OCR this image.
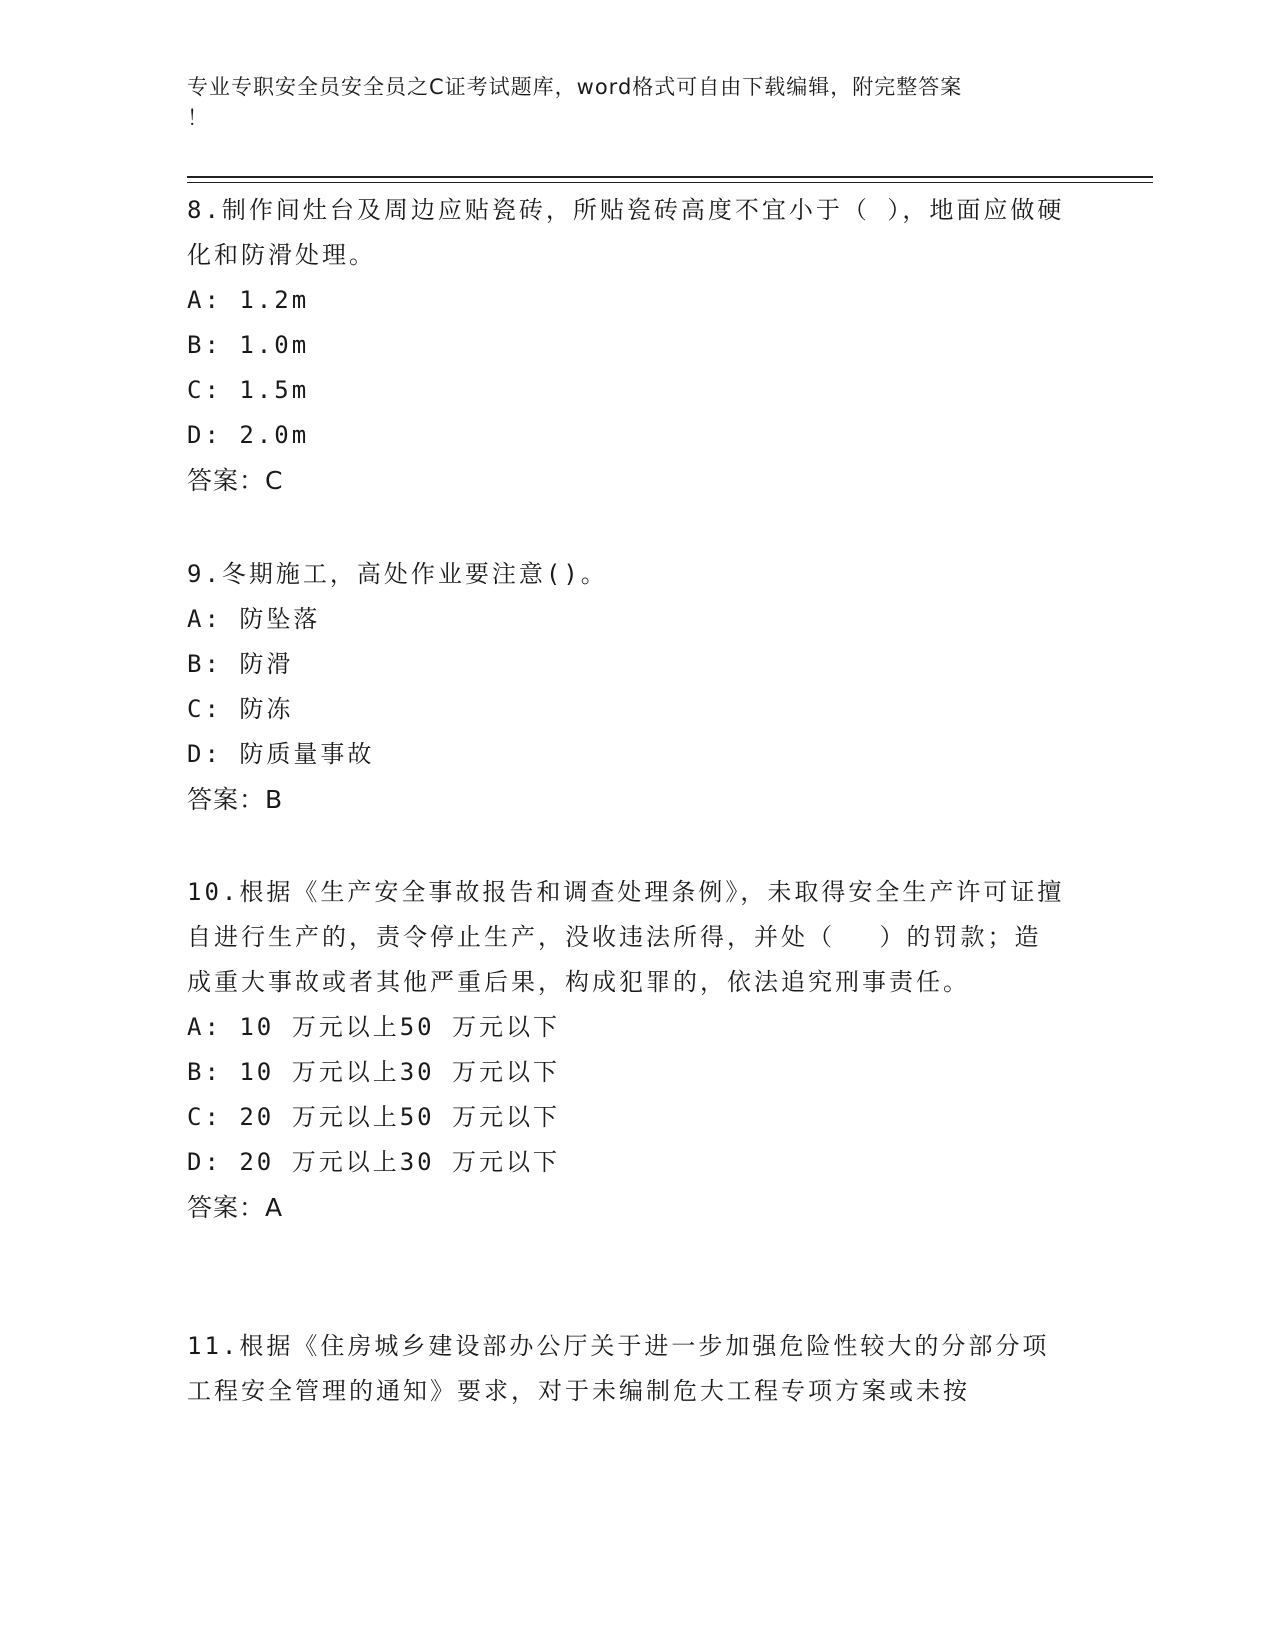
专业专职安全员安全员之C证考试题库，word格式可自由下载编辑，附完整答案
！

8.制作间灶台及周边应贴瓷砖，所贴瓷砖高度不宜小于（ ），地面应做硬化和防滑处理。

A: 1.2m
B: 1.0m
C: 1.5m
D: 2.0m
答案：C

9.冬期施工，高处作业要注意()。

A: 防坠落
B: 防滑
C: 防冻
D: 防质量事故
答案：B

10.根据《生产安全事故报告和调查处理条例》，未取得安全生产许可证擅自进行生产的，责令停止生产，没收违法所得，并处（　 ）的罚款；造成重大事故或者其他严重后果，构成犯罪的，依法追究刑事责任。

A: 10 万元以上50 万元以下
B: 10 万元以上30 万元以下
C: 20 万元以上50 万元以下
D: 20 万元以上30 万元以下
答案：A

11.根据《住房城乡建设部办公厅关于进一步加强危险性较大的分部分项工程安全管理的通知》要求，对于未编制危大工程专项方案或未按
